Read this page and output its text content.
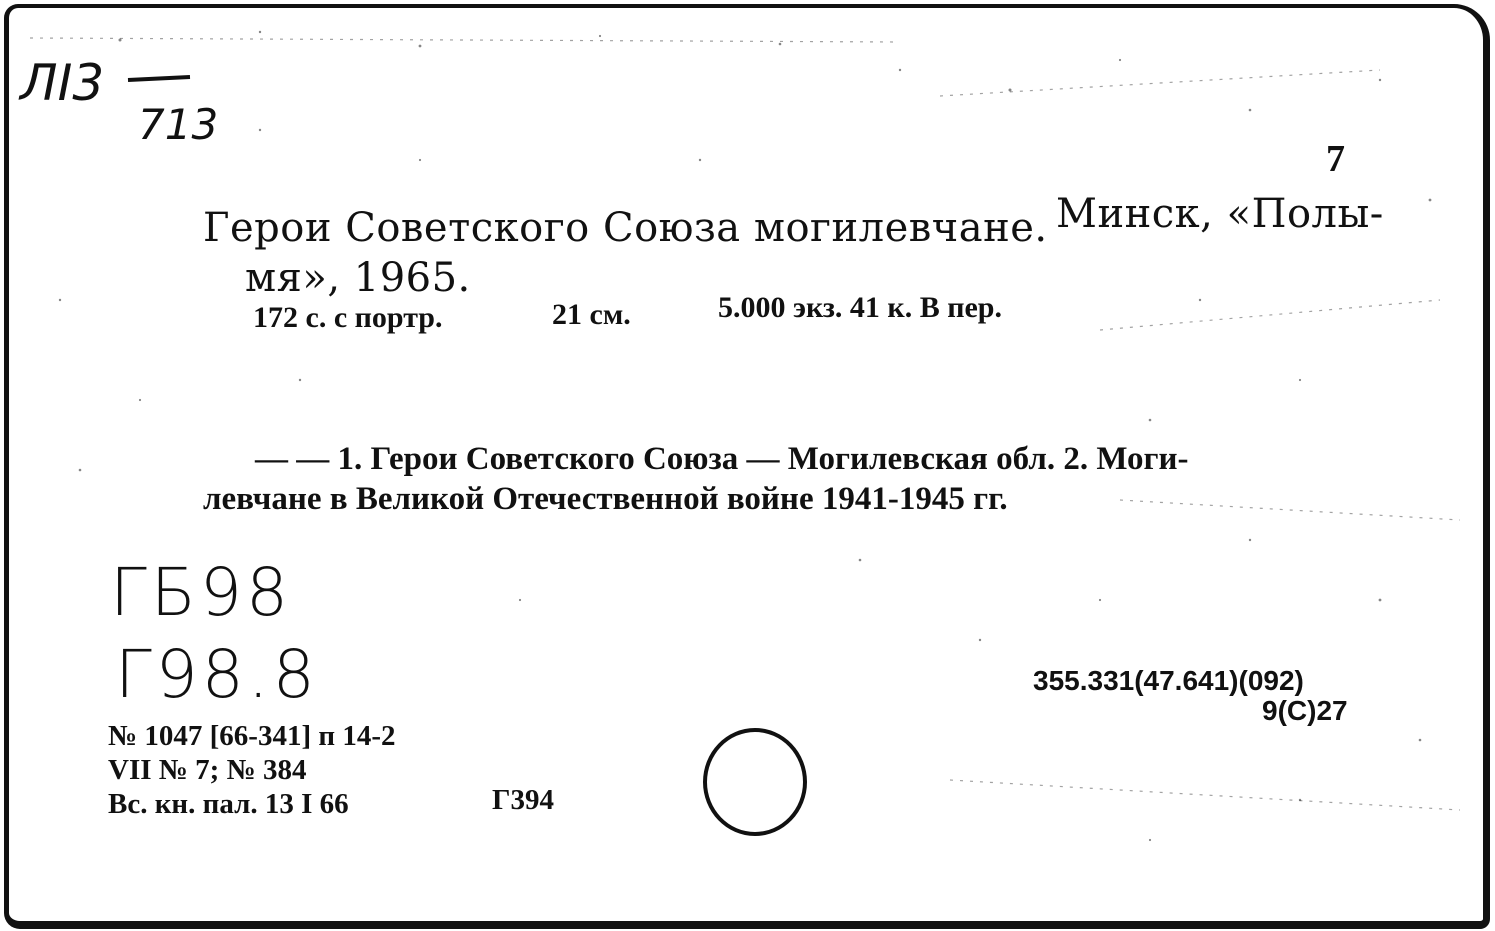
ЛI3
713
7
Герои Советского Союза могилевчане. Минск, «Полы-
мя», 1965.
172 с. с портр.	21 см.	5.000 экз. 41 к. В пер.
— — 1. Герои Советского Союза — Могилевская обл. 2. Моги-
левчане в Великой Отечественной войне 1941-1945 гг.
ГБ98
Г98.8	355.331(47.641)(092)
9(С)27
№ 1047 [66-341] п 14-2
VII № 7; № 384
Вс. кн. пал. 13 I 66	Г394
